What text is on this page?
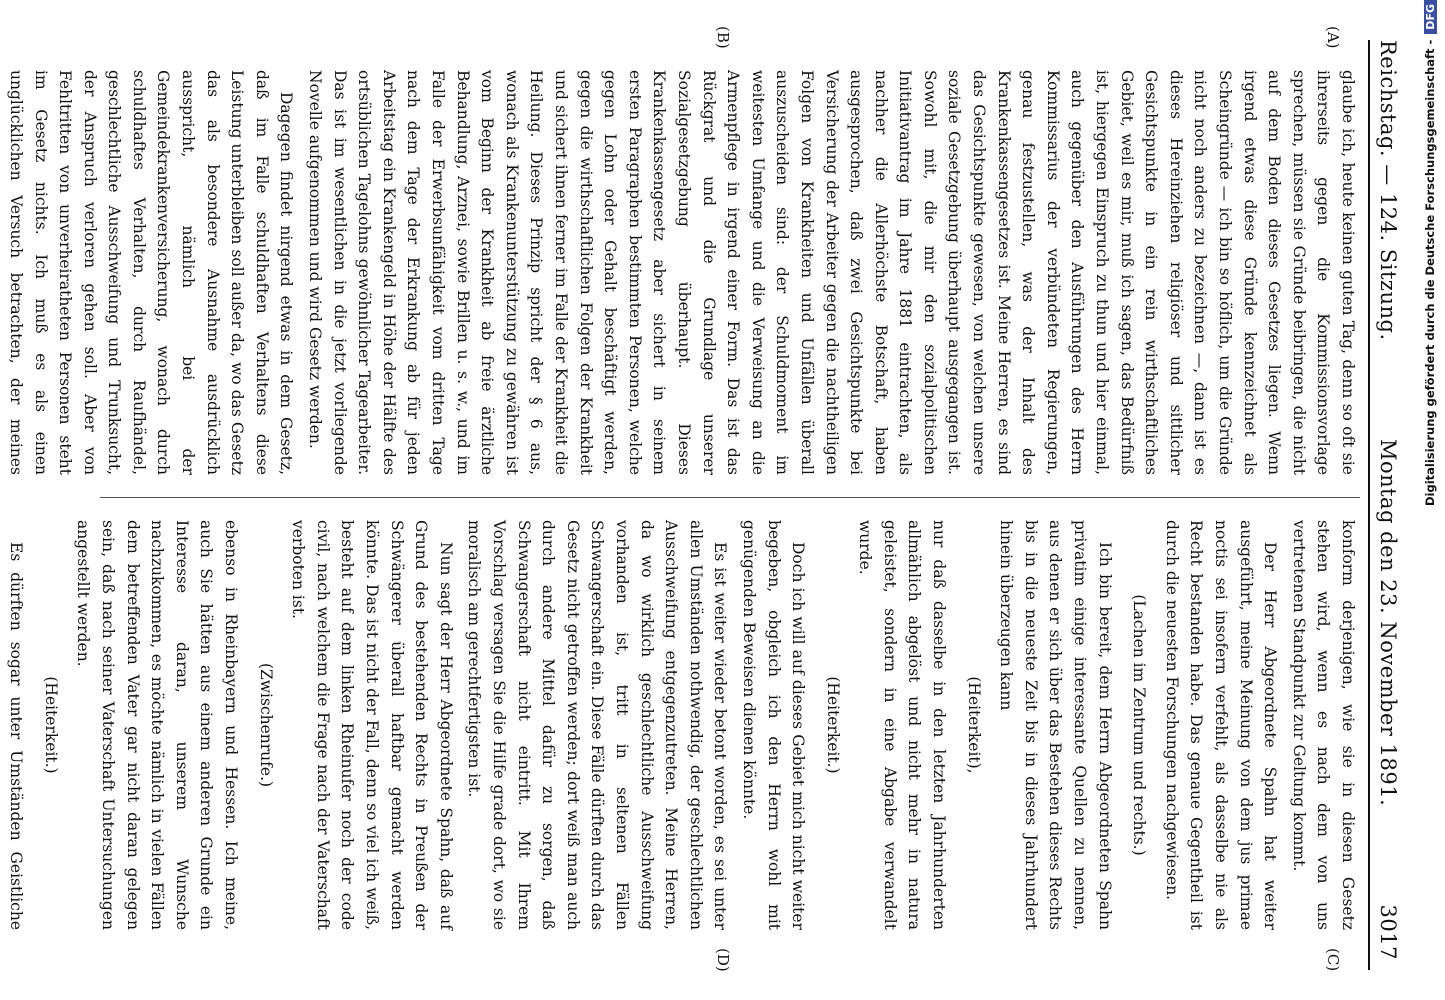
Reichstag. — 124. Sitzung.
Montag den 23. November 1891.
3017
(A)
(B)
(C)
(D)

glaube ich, heute keinen guten Tag, denn so oft sie ihrerseits gegen die Kommissionsvorlage sprechen, müssen sie Gründe beibringen, die nicht auf dem Boden dieses Gesetzes liegen. Wenn irgend etwas diese Gründe kennzeichnet als Scheingründe — ich bin so höflich, um die Gründe nicht noch anders zu bezeichnen —, dann ist es dieses Hereinziehen religiöser und sittlicher Gesichtspunkte in ein rein wirthschaftliches Gebiet, weil es mir, muß ich sagen, das Bedürfniß ist, hiergegen Einspruch zu thun und hier einmal, auch gegenüber den Ausführungen des Herrn Kommissarius der verbündeten Regierungen, genau festzustellen, was der Inhalt des Krankenkassengesetzes ist. Meine Herren, es sind das Gesichtspunkte gewesen, von welchen unsere soziale Gesetzgebung überhaupt ausgegangen ist. Sowohl mit, die mir den sozialpolitischen Initiativantrag im Jahre 1881 eintrachten, als nachher die Allerhöchste Botschaft, haben ausgesprochen, daß zwei Gesichtspunkte bei Versicherung der Arbeiter gegen die nachtheiligen Folgen von Krankheiten und Unfällen überall auszuscheiden sind: der Schuldmoment im weitesten Umfange und die Verweisung an die Armenpflege in irgend einer Form. Das ist das Rückgrat und die Grundlage unserer Sozialgesetzgebung überhaupt. Dieses Krankenkassengesetz aber sichert in seinem ersten Paragraphen bestimmten Personen, welche gegen Lohn oder Gehalt beschäftigt werden, gegen die wirthschaftlichen Folgen der Krankheit und sichert ihnen ferner im Falle der Krankheit die Heilung. Dieses Prinzip spricht der § 6 aus, wonach als Krankenunterstützung zu gewähren ist vom Beginn der Krankheit ab freie ärztliche Behandlung, Arznei, sowie Brillen u. s. w., und im Falle der Erwerbsunfähigkeit vom dritten Tage nach dem Tage der Erkrankung ab für jeden Arbeitstag ein Krankengeld in Höhe der Hälfte des ortsüblichen Tagelohns gewöhnlicher Tagearbeiter. Das ist im wesentlichen in die jetzt vorliegende Novelle aufgenommen und wird Gesetz werden.

Dagegen findet nirgend etwas in dem Gesetz, daß im Falle schuldhaften Verhaltens diese Leistung unterbleiben soll außer da, wo das Gesetz das als besondere Ausnahme ausdrücklich ausspricht, nämlich bei der Gemeindekrankenversicherung, wonach durch schuldhaftes Verhalten, durch Raufhändel, geschlechtliche Ausschweifung und Trunksucht, der Anspruch verloren gehen soll. Aber von Fehltritten von unverheiratheten Personen steht im Gesetz nichts. Ich muß es als einen unglücklichen Versuch betrachten, der meines

konform derjenigen, wie sie in diesen Gesetz stehen wird, wenn es nach dem von uns vertretenen Standpunkt zur Geltung kommt.

Der Herr Abgeordnete Spahn hat weiter ausgeführt, meine Meinung von dem jus primae noctis sei insofern verfehlt, als dasselbe nie als Recht bestanden habe. Das genaue Gegentheil ist durch die neuesten Forschungen nachgewiesen.

(Lachen im Zentrum und rechts.)

Ich bin bereit, dem Herrn Abgeordneten Spahn privatim einige interessante Quellen zu nennen, aus denen er sich über das Bestehen dieses Rechts bis in die neueste Zeit bis in dieses Jahrhundert hinein überzeugen kann

(Heiterkeit),

nur daß dasselbe in den letzten Jahrhunderten allmählich abgelöst und nicht mehr in natura geleistet, sondern in eine Abgabe verwandelt wurde.

(Heiterkeit.)

Doch ich will auf dieses Gebiet mich nicht weiter begeben, obgleich ich den Herrn wohl mit genügenden Beweisen dienen könnte.

Es ist weiter wieder betont worden, es sei unter allen Umständen nothwendig, der geschlechtlichen Ausschweifung entgegenzutreten. Meine Herren, da wo wirklich geschlechtliche Ausschweifung vorhanden ist, tritt in seltenen Fällen Schwangerschaft ein. Diese Fälle dürften durch das Gesetz nicht getroffen werden; dort weiß man auch durch andere Mittel dafür zu sorgen, daß Schwangerschaft nicht eintritt. Mit Ihrem Vorschlag versagen Sie die Hilfe grade dort, wo sie moralisch am gerechtfertigsten ist.

Nun sagt der Herr Abgeordnete Spahn, daß auf Grund des bestehenden Rechts in Preußen der Schwängerer überall haftbar gemacht werden könnte. Das ist nicht der Fall, denn so viel ich weiß, besteht auf dem linken Rheinufer noch der code civil, nach welchem die Frage nach der Vaterschaft verboten ist.

(Zwischenrufe.)

ebenso in Rheinbayern und Hessen. Ich meine, auch Sie hätten aus einem anderen Grunde ein Interesse daran, unserem Wunsche nachzukommen, es möchte nämlich in vielen Fällen dem betreffenden Vater gar nicht daran gelegen sein, daß nach seiner Vaterschaft Untersuchungen angestellt werden.

(Heiterkeit.)

Es dürften sogar unter Umständen Geistliche

Digitalisierung gefördert durch die Deutsche Forschungsgemeinschaft -DFG
